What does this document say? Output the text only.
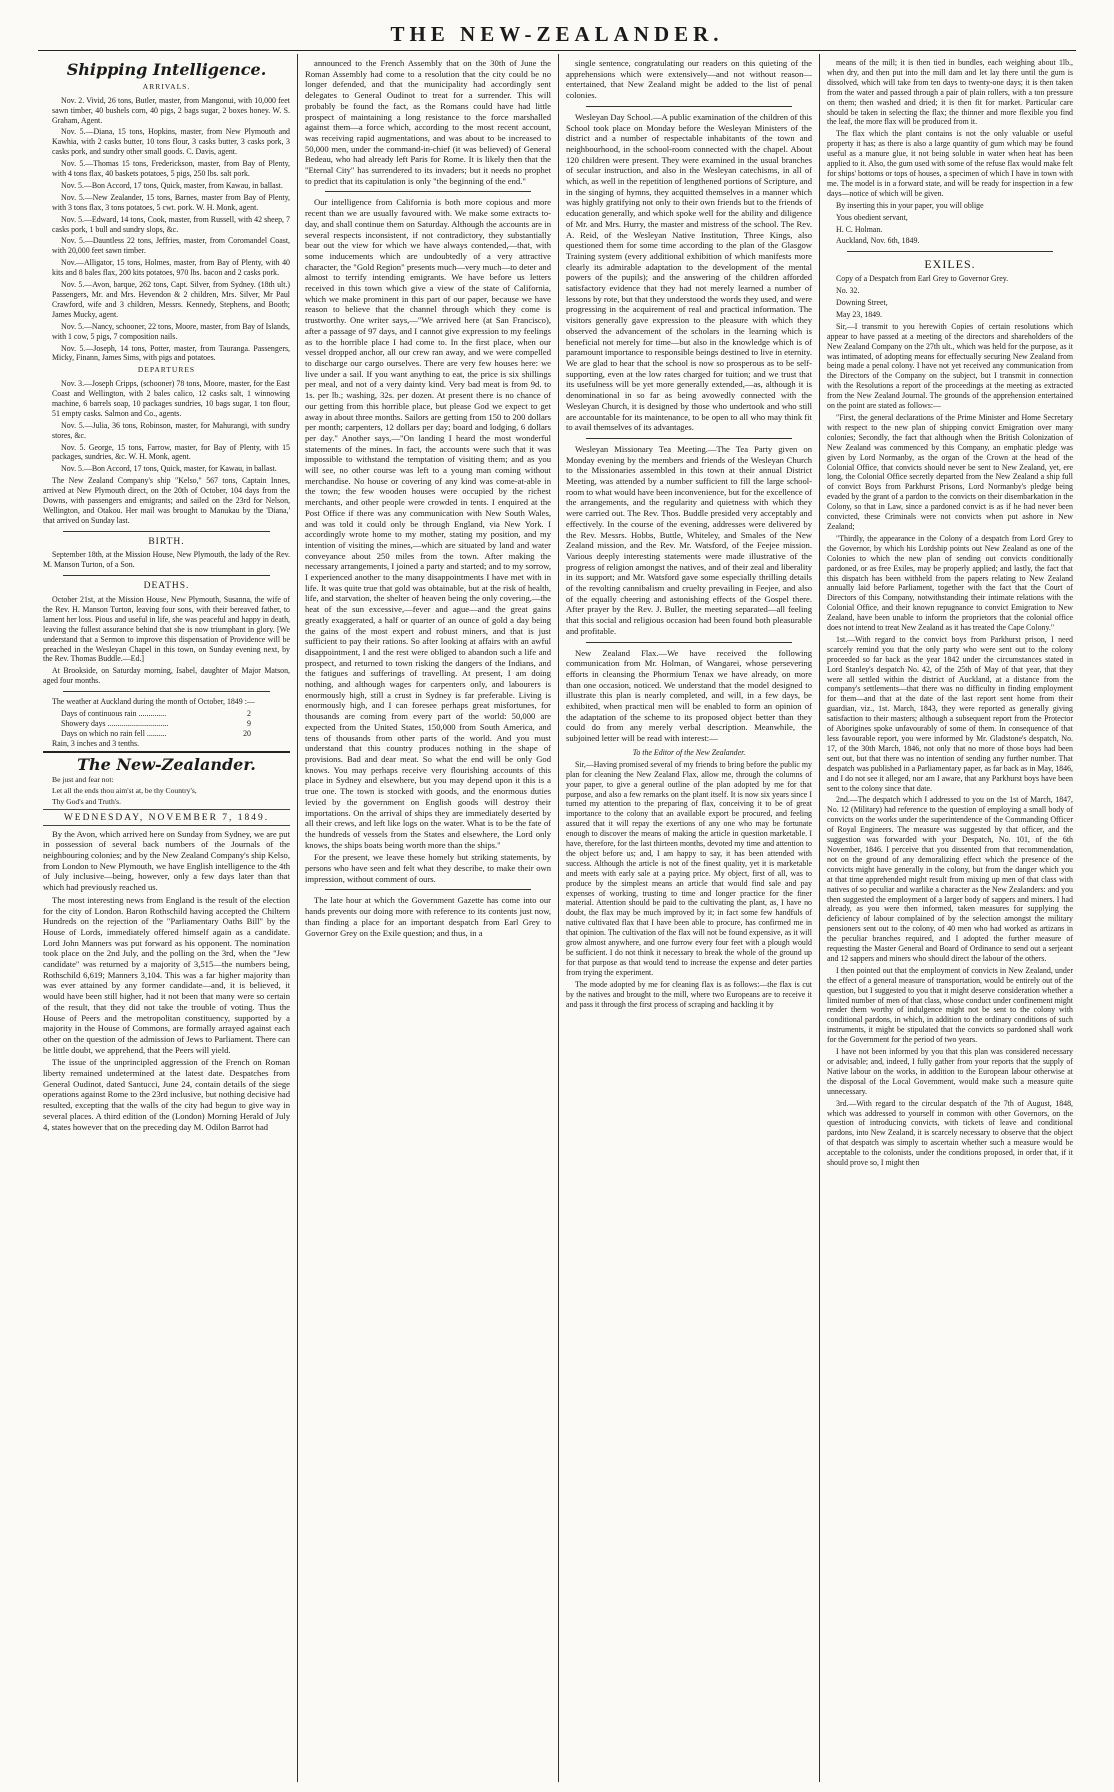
THE NEW-ZEALANDER.
Shipping Intelligence.
ARRIVALS.

Nov. 2. Vivid, 26 tons, Butler, master, from Mangonui, with 10,000 feet sawn timber, 40 bushels corn, 40 pigs, 2 bags sugar, 2 boxes honey. W. S. Graham, Agent.

Nov. 5.—Diana, 15 tons, Hopkins, master, from New Plymouth and Kawhia, with 2 casks butter, 10 tons flour, 3 casks butter, 3 casks pork, 3 casks pork, and sundry other small goods. C. Davis, agent.

Nov. 5.—Thomas 15 tons, Frederickson, master, from Bay of Plenty, with 4 tons flax, 40 baskets potatoes, 5 pigs, 250 lbs. salt pork.

Nov. 5.—Bon Accord, 17 tons, Quick, master, from Kawau, in ballast.

Nov. 5.—New Zealander, 15 tons, Barnes, master from Bay of Plenty, with 3 tons flax, 3 tons potatoes, 5 cwt. pork. W. H. Monk, agent.

Nov. 5.—Edward, 14 tons, Cook, master, from Russell, with 42 sheep, 7 casks pork, 1 bull and sundry slops, &c.

Nov. 5.—Dauntless 22 tons, Jeffries, master, from Coromandel Coast, with 20,000 feet sawn timber.

Nov.—Alligator, 15 tons, Holmes, master, from Bay of Plenty, with 40 kits and 8 bales flax, 200 kits potatoes, 970 lbs. bacon and 2 casks pork.

Nov. 5.—Avon, barque, 262 tons, Capt. Silver, from Sydney. (18th ult.) Passengers, Mr. and Mrs. Hevendon & 2 children, Mrs. Silver, Mr Paul Crawford, wife and 3 children, Messrs. Kennedy, Stephens, and Booth; James Mucky, agent.

Nov. 5.—Nancy, schooner, 22 tons, Moore, master, from Bay of Islands, with 1 cow, 5 pigs, 7 composition nails.

Nov. 5.—Joseph, 14 tons, Potter, master, from Tauranga. Passengers, Micky, Finann, James Sims, with pigs and potatoes.

DEPARTURES

Nov. 3.—Joseph Cripps, (schooner) 78 tons, Moore, master, for the East Coast and Wellington, with 2 bales calico, 12 casks salt, 1 winnowing machine, 6 barrels soap, 10 packages sundries, 10 bags sugar, 1 ton flour, 51 empty casks. Salmon and Co., agents.

Nov. 5.—Julia, 36 tons, Robinson, master, for Mahurangi, with sundry stores, &c.

Nov. 5. George, 15 tons, Farrow, master, for Bay of Plenty, with 15 packages, sundries, &c. W. H. Monk, agent.

Nov. 5.—Bon Accord, 17 tons, Quick, master, for Kawau, in ballast.

The New Zealand Company's ship "Kelso," 567 tons, Captain Innes, arrived at New Plymouth direct, on the 20th of October, 104 days from the Downs, with passengers and emigrants; and sailed on the 23rd for Nelson, Wellington, and Otakou. Her mail was brought to Manukau by the 'Diana,' that arrived on Sunday last.

BIRTH.

September 18th, at the Mission House, New Plymouth, the lady of the Rev. M. Manson Turton, of a Son.

DEATHS.

October 21st, at the Mission House, New Plymouth, Susanna, the wife of the Rev. H. Manson Turton, leaving four sons, with their bereaved father, to lament her loss. Pious and useful in life, she was peaceful and happy in death, leaving the fullest assurance behind that she is now triumphant in glory. [We understand that a Sermon to improve this dispensation of Providence will be preached in the Wesleyan Chapel in this town, on Sunday evening next, by the Rev. Thomas Buddle.—Ed.]

At Brookside, on Saturday morning, Isabel, daughter of Major Matson, aged four months.

The weather at Auckland during the month of October, 1849 :—

Days of continuous rain ..............	2
Showery days ...............................	9
Days on which no rain fell ..........	20

Rain, 3 inches and 3 tenths.

The New-Zealander.

Be just and fear not:

Let all the ends thou aim'st at, be thy Country's,

Thy God's and Truth's.

WEDNESDAY, NOVEMBER 7, 1849.

By the Avon, which arrived here on Sunday from Sydney, we are put in possession of several back numbers of the Journals of the neighbouring colonies; and by the New Zealand Company's ship Kelso, from London to New Plymouth, we have English intelligence to the 4th of July inclusive—being, however, only a few days later than that which had previously reached us.

The most interesting news from England is the result of the election for the city of London. Baron Rothschild having accepted the Chiltern Hundreds on the rejection of the "Parliamentary Oaths Bill" by the House of Lords, immediately offered himself again as a candidate. Lord John Manners was put forward as his opponent. The nomination took place on the 2nd July, and the polling on the 3rd, when the "Jew candidate" was returned by a majority of 3,515—the numbers being, Rothschild 6,619; Manners 3,104. This was a far higher majority than was ever attained by any former candidate—and, it is believed, it would have been still higher, had it not been that many were so certain of the result, that they did not take the trouble of voting. Thus the House of Peers and the metropolitan constituency, supported by a majority in the House of Commons, are formally arrayed against each other on the question of the admission of Jews to Parliament. There can be little doubt, we apprehend, that the Peers will yield.

The issue of the unprincipled aggression of the French on Roman liberty remained undetermined at the latest date. Despatches from General Oudinot, dated Santucci, June 24, contain details of the siege operations against Rome to the 23rd inclusive, but nothing decisive had resulted, excepting that the walls of the city had begun to give way in several places. A third edition of the (London) Morning Herald of July 4, states however that on the preceding day M. Odilon Barrot had

announced to the French Assembly that on the 30th of June the Roman Assembly had come to a resolution that the city could be no longer defended, and that the municipality had accordingly sent delegates to General Oudinot to treat for a surrender. This will probably be found the fact, as the Romans could have had little prospect of maintaining a long resistance to the force marshalled against them—a force which, according to the most recent account, was receiving rapid augmentations, and was about to be increased to 50,000 men, under the command-in-chief (it was believed) of General Bedeau, who had already left Paris for Rome. It is likely then that the "Eternal City" has surrendered to its invaders; but it needs no prophet to predict that its capitulation is only "the beginning of the end."

Our intelligence from California is both more copious and more recent than we are usually favoured with. We make some extracts to-day, and shall continue them on Saturday. Although the accounts are in several respects inconsistent, if not contradictory, they substantially bear out the view for which we have always contended,—that, with some inducements which are undoubtedly of a very attractive character, the "Gold Region" presents much—very much—to deter and almost to terrify intending emigrants. We have before us letters received in this town which give a view of the state of California, which we make prominent in this part of our paper, because we have reason to believe that the channel through which they come is trustworthy. One writer says,—"We arrived here (at San Francisco), after a passage of 97 days, and I cannot give expression to my feelings as to the horrible place I had come to. In the first place, when our vessel dropped anchor, all our crew ran away, and we were compelled to discharge our cargo ourselves. There are very few houses here: we live under a sail. If you want anything to eat, the price is six shillings per meal, and not of a very dainty kind. Very bad meat is from 9d. to 1s. per lb.; washing, 32s. per dozen. At present there is no chance of our getting from this horrible place, but please God we expect to get away in about three months. Sailors are getting from 150 to 200 dollars per month; carpenters, 12 dollars per day; board and lodging, 6 dollars per day." Another says,—"On landing I heard the most wonderful statements of the mines. In fact, the accounts were such that it was impossible to withstand the temptation of visiting them; and as you will see, no other course was left to a young man coming without merchandise. No house or covering of any kind was come-at-able in the town; the few wooden houses were occupied by the richest merchants, and other people were crowded in tents. I enquired at the Post Office if there was any communication with New South Wales, and was told it could only be through England, via New York. I accordingly wrote home to my mother, stating my position, and my intention of visiting the mines,—which are situated by land and water conveyance about 250 miles from the town. After making the necessary arrangements, I joined a party and started; and to my sorrow, I experienced another to the many disappointments I have met with in life. It was quite true that gold was obtainable, but at the risk of health, life, and starvation, the shelter of heaven being the only covering,—the heat of the sun excessive,—fever and ague—and the great gains greatly exaggerated, a half or quarter of an ounce of gold a day being the gains of the most expert and robust miners, and that is just sufficient to pay their rations. So after looking at affairs with an awful disappointment, I and the rest were obliged to abandon such a life and prospect, and returned to town risking the dangers of the Indians, and the fatigues and sufferings of travelling. At present, I am doing nothing, and although wages for carpenters only, and labourers is enormously high, still a crust in Sydney is far preferable. Living is enormously high, and I can foresee perhaps great misfortunes, for thousands are coming from every part of the world: 50,000 are expected from the United States, 150,000 from South America, and tens of thousands from other parts of the world. And you must understand that this country produces nothing in the shape of provisions. Bad and dear meat. So what the end will be only God knows. You may perhaps receive very flourishing accounts of this place in Sydney and elsewhere, but you may depend upon it this is a true one. The town is stocked with goods, and the enormous duties levied by the government on English goods will destroy their importations. On the arrival of ships they are immediately deserted by all their crews, and left like logs on the water. What is to be the fate of the hundreds of vessels from the States and elsewhere, the Lord only knows, the ships boats being worth more than the ships."

For the present, we leave these homely but striking statements, by persons who have seen and felt what they describe, to make their own impression, without comment of ours.

The late hour at which the Government Gazette has come into our hands prevents our doing more with reference to its contents just now, than finding a place for an important despatch from Earl Grey to Governor Grey on the Exile question; and thus, in a

single sentence, congratulating our readers on this quieting of the apprehensions which were extensively—and not without reason—entertained, that New Zealand might be added to the list of penal colonies.

Wesleyan Day School.—A public examination of the children of this School took place on Monday before the Wesleyan Ministers of the district and a number of respectable inhabitants of the town and neighbourhood, in the school-room connected with the chapel. About 120 children were present. They were examined in the usual branches of secular instruction, and also in the Wesleyan catechisms, in all of which, as well in the repetition of lengthened portions of Scripture, and in the singing of hymns, they acquitted themselves in a manner which was highly gratifying not only to their own friends but to the friends of education generally, and which spoke well for the ability and diligence of Mr. and Mrs. Hurry, the master and mistress of the school. The Rev. A. Reid, of the Wesleyan Native Institution, Three Kings, also questioned them for some time according to the plan of the Glasgow Training system (every additional exhibition of which manifests more clearly its admirable adaptation to the development of the mental powers of the pupils); and the answering of the children afforded satisfactory evidence that they had not merely learned a number of lessons by rote, but that they understood the words they used, and were progressing in the acquirement of real and practical information. The visitors generally gave expression to the pleasure with which they observed the advancement of the scholars in the learning which is beneficial not merely for time—but also in the knowledge which is of paramount importance to responsible beings destined to live in eternity. We are glad to hear that the school is now so prosperous as to be self-supporting, even at the low rates charged for tuition; and we trust that its usefulness will be yet more generally extended,—as, although it is denominational in so far as being avowedly connected with the Wesleyan Church, it is designed by those who undertook and who still are accountable for its maintenance, to be open to all who may think fit to avail themselves of its advantages.

Wesleyan Missionary Tea Meeting.—The Tea Party given on Monday evening by the members and friends of the Wesleyan Church to the Missionaries assembled in this town at their annual District Meeting, was attended by a number sufficient to fill the large school-room to what would have been inconvenience, but for the excellence of the arrangements, and the regularity and quietness with which they were carried out. The Rev. Thos. Buddle presided very acceptably and effectively. In the course of the evening, addresses were delivered by the Rev. Messrs. Hobbs, Buttle, Whiteley, and Smales of the New Zealand mission, and the Rev. Mr. Watsford, of the Feejee mission. Various deeply interesting statements were made illustrative of the progress of religion amongst the natives, and of their zeal and liberality in its support; and Mr. Watsford gave some especially thrilling details of the revolting cannibalism and cruelty prevailing in Feejee, and also of the equally cheering and astonishing effects of the Gospel there. After prayer by the Rev. J. Buller, the meeting separated—all feeling that this social and religious occasion had been found both pleasurable and profitable.

New Zealand Flax.—We have received the following communication from Mr. Holman, of Wangarei, whose persevering efforts in cleansing the Phormium Tenax we have already, on more than one occasion, noticed. We understand that the model designed to illustrate this plan is nearly completed, and will, in a few days, be exhibited, when practical men will be enabled to form an opinion of the adaptation of the scheme to its proposed object better than they could do from any merely verbal description. Meanwhile, the subjoined letter will be read with interest:—

To the Editor of the New Zealander.

Sir,—Having promised several of my friends to bring before the public my plan for cleaning the New Zealand Flax, allow me, through the columns of your paper, to give a general outline of the plan adopted by me for that purpose, and also a few remarks on the plant itself. It is now six years since I turned my attention to the preparing of flax, conceiving it to be of great importance to the colony that an available export be procured, and feeling assured that it will repay the exertions of any one who may be fortunate enough to discover the means of making the article in question marketable. I have, therefore, for the last thirteen months, devoted my time and attention to the object before us; and, I am happy to say, it has been attended with success. Although the article is not of the finest quality, yet it is marketable and meets with early sale at a paying price. My object, first of all, was to produce by the simplest means an article that would find sale and pay expenses of working, trusting to time and longer practice for the finer material. Attention should be paid to the cultivating the plant, as, I have no doubt, the flax may be much improved by it; in fact some few handfuls of native cultivated flax that I have been able to procure, has confirmed me in that opinion. The cultivation of the flax will not be found expensive, as it will grow almost anywhere, and one furrow every four feet with a plough would be sufficient. I do not think it necessary to break the whole of the ground up for that purpose as that would tend to increase the expense and deter parties from trying the experiment.

The mode adopted by me for cleaning flax is as follows:—the flax is cut by the natives and brought to the mill, where two Europeans are to receive it and pass it through the first process of scraping and hackling it by

means of the mill; it is then tied in bundles, each weighing about 1lb., when dry, and then put into the mill dam and let lay there until the gum is dissolved, which will take from ten days to twenty-one days; it is then taken from the water and passed through a pair of plain rollers, with a ton pressure on them; then washed and dried; it is then fit for market. Particular care should be taken in selecting the flax; the thinner and more flexible you find the leaf, the more flax will be produced from it.

The flax which the plant contains is not the only valuable or useful property it has; as there is also a large quantity of gum which may be found useful as a manure glue, it not being soluble in water when heat has been applied to it. Also, the gum used with some of the refuse flax would make felt for ships' bottoms or tops of houses, a specimen of which I have in town with me. The model is in a forward state, and will be ready for inspection in a few days—notice of which will be given.

By inserting this in your paper, you will oblige

Yous obedient servant,

H. C. Holman.

Auckland, Nov. 6th, 1849.

EXILES.

Copy of a Despatch from Earl Grey to Governor Grey.

No. 32.

Downing Street,

May 23, 1849.

Sir,—I transmit to you herewith Copies of certain resolutions which appear to have passed at a meeting of the directors and shareholders of the New Zealand Company on the 27th ult., which was held for the purpose, as it was intimated, of adopting means for effectually securing New Zealand from being made a penal colony. I have not yet received any communication from the Directors of the Company on the subject, but I transmit in connection with the Resolutions a report of the proceedings at the meeting as extracted from the New Zealand Journal. The grounds of the apprehension entertained on the point are stated as follows:—

"First, the general declarations of the Prime Minister and Home Secretary with respect to the new plan of shipping convict Emigration over many colonies; Secondly, the fact that although when the British Colonization of New Zealand was commenced by this Company, an emphatic pledge was given by Lord Normanby, as the organ of the Crown at the head of the Colonial Office, that convicts should never be sent to New Zealand, yet, ere long, the Colonial Office secretly departed from the New Zealand a ship full of convict Boys from Parkhurst Prisons, Lord Normanby's pledge being evaded by the grant of a pardon to the convicts on their disembarkation in the Colony, so that in Law, since a pardoned convict is as if he had never been convicted, these Criminals were not convicts when put ashore in New Zealand;

"Thirdly, the appearance in the Colony of a despatch from Lord Grey to the Governor, by which his Lordship points out New Zealand as one of the Colonies to which the new plan of sending out convicts conditionally pardoned, or as free Exiles, may be properly applied; and lastly, the fact that this dispatch has been withheld from the papers relating to New Zealand annually laid before Parliament, together with the fact that the Court of Directors of this Company, notwithstanding their intimate relations with the Colonial Office, and their known repugnance to convict Emigration to New Zealand, have been unable to inform the proprietors that the colonial office does not intend to treat New Zealand as it has treated the Cape Colony."

1st.—With regard to the convict boys from Parkhurst prison, I need scarcely remind you that the only party who were sent out to the colony proceeded so far back as the year 1842 under the circumstances stated in Lord Stanley's despatch No. 42, of the 25th of May of that year, that they were all settled within the district of Auckland, at a distance from the company's settlements—that there was no difficulty in finding employment for them—and that at the date of the last report sent home from their guardian, viz., 1st. March, 1843, they were reported as generally giving satisfaction to their masters; although a subsequent report from the Protector of Aborigines spoke unfavourably of some of them. In consequence of that less favourable report, you were informed by Mr. Gladstone's despatch, No. 17, of the 30th March, 1846, not only that no more of those boys had been sent out, but that there was no intention of sending any further number. That despatch was published in a Parliamentary paper, as far back as in May, 1846, and I do not see it alleged, nor am I aware, that any Parkhurst boys have been sent to the colony since that date.

2nd.—The despatch which I addressed to you on the 1st of March, 1847, No. 12 (Military) had reference to the question of employing a small body of convicts on the works under the superintendence of the Commanding Officer of Royal Engineers. The measure was suggested by that officer, and the suggestion was forwarded with your Despatch, No. 101, of the 6th November, 1846. I perceive that you dissented from that recommendation, not on the ground of any demoralizing effect which the presence of the convicts might have generally in the colony, but from the danger which you at that time apprehended might result from mixing up men of that class with natives of so peculiar and warlike a character as the New Zealanders: and you then suggested the employment of a larger body of sappers and miners. I had already, as you were then informed, taken measures for supplying the deficiency of labour complained of by the selection amongst the military pensioners sent out to the colony, of 40 men who had worked as artizans in the peculiar branches required, and I adopted the further measure of requesting the Master General and Board of Ordinance to send out a serjeant and 12 sappers and miners who should direct the labour of the others.

I then pointed out that the employment of convicts in New Zealand, under the effect of a general measure of transportation, would be entirely out of the question, but I suggested to you that it might deserve consideration whether a limited number of men of that class, whose conduct under confinement might render them worthy of indulgence might not be sent to the colony with conditional pardons, in which, in addition to the ordinary conditions of such instruments, it might be stipulated that the convicts so pardoned shall work for the Government for the period of two years.

I have not been informed by you that this plan was considered necessary or advisable; and, indeed, I fully gather from your reports that the supply of Native labour on the works, in addition to the European labour otherwise at the disposal of the Local Government, would make such a measure quite unnecessary.

3rd.—With regard to the circular despatch of the 7th of August, 1848, which was addressed to yourself in common with other Governors, on the question of introducing convicts, with tickets of leave and conditional pardons, into New Zealand, it is scarcely necessary to observe that the object of that despatch was simply to ascertain whether such a measure would be acceptable to the colonists, under the conditions proposed, in order that, if it should prove so, I might then
